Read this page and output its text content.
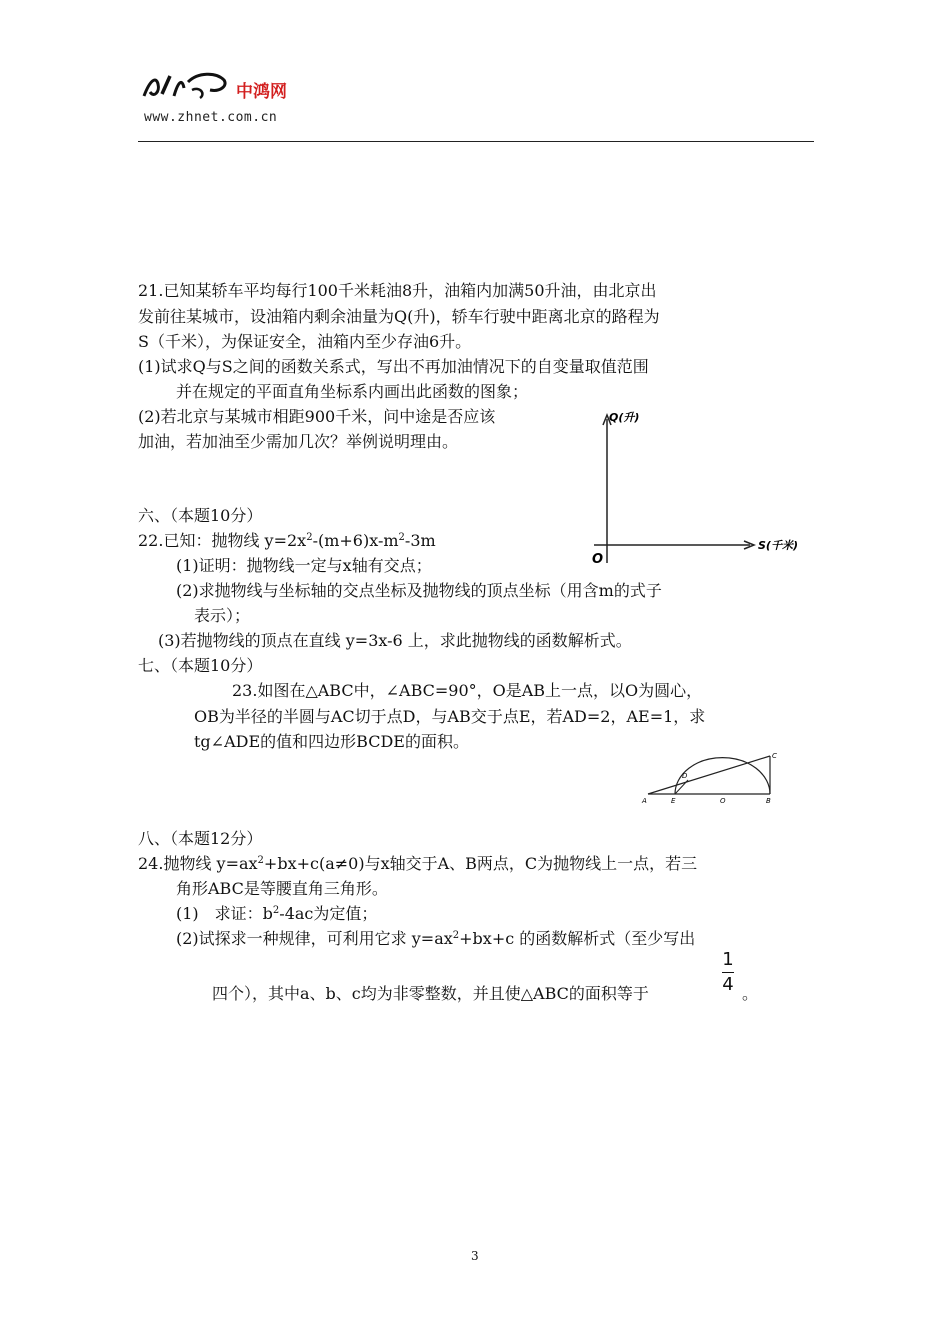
中鸿网
www.zhnet.com.cn
21.已知某轿车平均每行100千米耗油8升，油箱内加满50升油，由北京出
发前往某城市，设油箱内剩余油量为Q(升)，轿车行驶中距离北京的路程为
S（千米），为保证安全，油箱内至少存油6升。
(1)试求Q与S之间的函数关系式，写出不再加油情况下的自变量取值范围
并在规定的平面直角坐标系内画出此函数的图象；
(2)若北京与某城市相距900千米，问中途是否应该
加油，若加油至少需加几次？举例说明理由。
Q(升)
S(千米)
O
六、（本题10分）
22.已知：抛物线 $y=2x^2-(m+6)x-m^2-3m$
(1)证明：抛物线一定与x轴有交点；
(2)求抛物线与坐标轴的交点坐标及抛物线的顶点坐标（用含m的式子
表示）；
(3)若抛物线的顶点在直线 y=3x-6 上，求此抛物线的函数解析式。
七、（本题10分）
23.如图在△ABC中，∠ABC=90°，O是AB上一点，以O为圆心，
OB为半径的半圆与AC切于点D，与AB交于点E，若AD=2，AE=1，求
tg∠ADE的值和四边形BCDE的面积。
A	E	O	B
C
D
八、（本题12分）
24.抛物线 $y=ax^2+bx+c(a\ne 0)$与x轴交于A、B两点，C为抛物线上一点，若三
角形ABC是等腰直角三角形。
(1)　求证：$b^2-4ac$为定值；
(2)试探求一种规律，可利用它求 $y=ax^2+bx+c$ 的函数解析式（至少写出
四个），其中a、b、c均为非零整数，并且使△ABC的面积等于
1
4 。
3
